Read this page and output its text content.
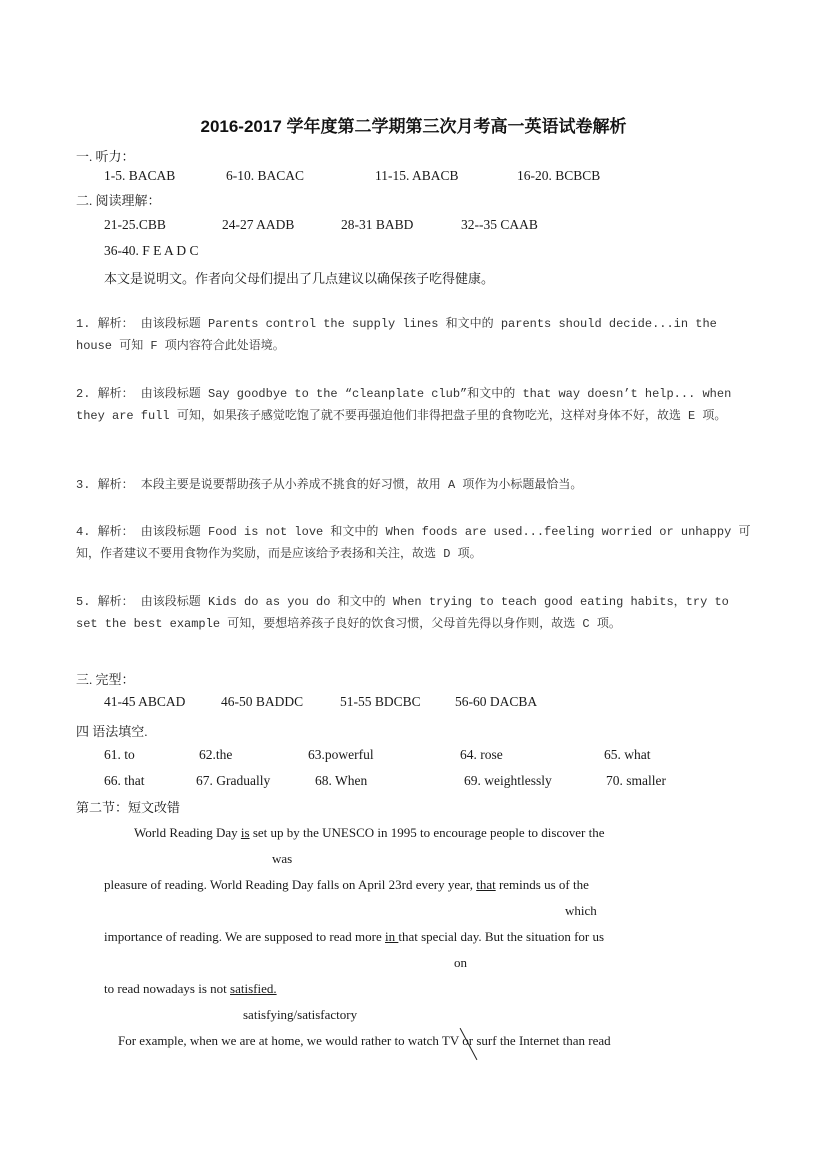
2016-2017 学年度第二学期第三次月考高一英语试卷解析
一. 听力：
1-5. BACAB	6-10. BACAC	11-15. ABACB	16-20. BCBCB
二. 阅读理解：
21-25.CBB	24-27 AADB	28-31 BABD	32--35 CAAB
36-40. F E A D C
本文是说明文。作者向父母们提出了几点建议以确保孩子吃得健康。
1. 解析： 由该段标题 Parents control the supply lines 和文中的 parents should decide...in the house 可知 F 项内容符合此处语境。
2. 解析： 由该段标题 Say goodbye to the “cleanplate club”和文中的 that way doesn’t help... when they are full 可知，如果孩子感觉吃饱了就不要再强迫他们非得把盘子里的食物吃光，这样对身体不好，故选 E 项。
3. 解析： 本段主要是说要帮助孩子从小养成不挑食的好习惯，故用 A 项作为小标题最恰当。
4. 解析： 由该段标题 Food is not love 和文中的 When foods are used...feeling worried or unhappy 可知，作者建议不要用食物作为奖励，而是应该给予表扬和关注，故选 D 项。
5. 解析： 由该段标题 Kids do as you do 和文中的 When trying to teach good eating habits，try to set the best example 可知，要想培养孩子良好的饮食习惯，父母首先得以身作则，故选 C 项。
三. 完型：
41-45 ABCAD	46-50 BADDC	51-55 BDCBC	56-60 DACBA
四 语法填空.
61. to	62.the	63.powerful	64. rose	65. what
66. that	67. Gradually	68. When	69. weightlessly	70. smaller
第二节：短文改错
World Reading Day is set up by the UNESCO in 1995 to encourage people to discover the
was
pleasure of reading. World Reading Day falls on April 23rd every year, that reminds us of the
which
importance of reading. We are supposed to read more in that special day. But the situation for us
on
to read nowadays is not satisfied.
satisfying/satisfactory
For example, when we are at home, we would rather to watch TV or surf the Internet than read
